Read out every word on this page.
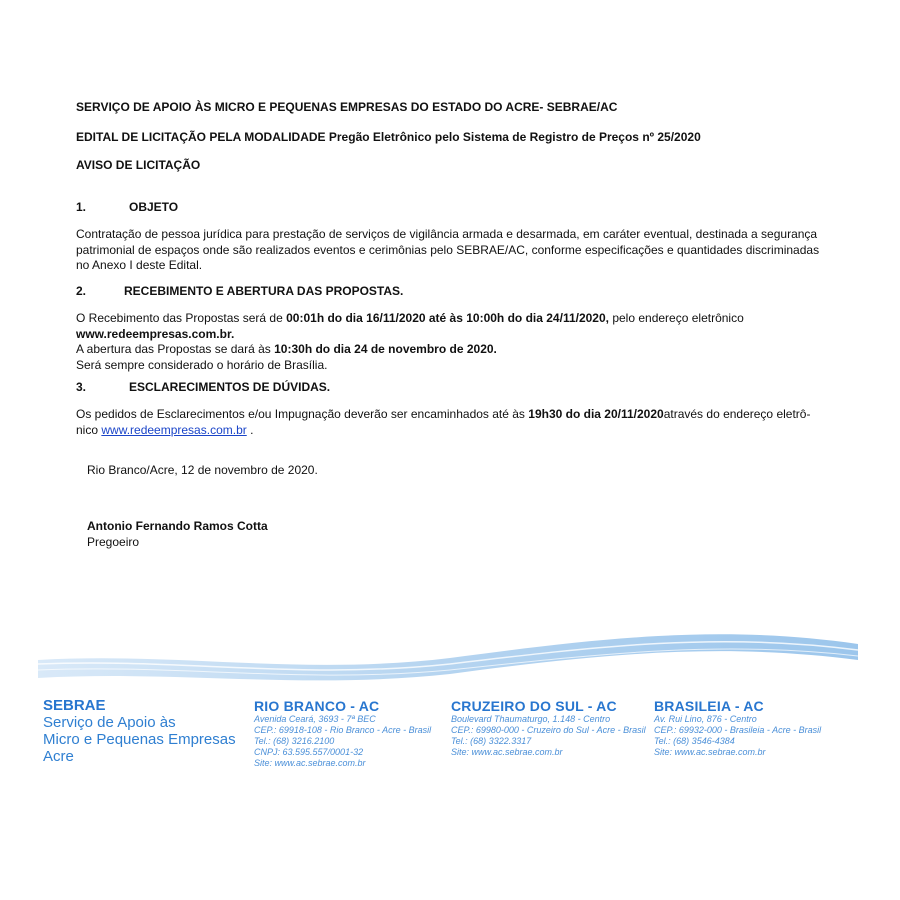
SERVIÇO DE APOIO ÀS MICRO E PEQUENAS EMPRESAS DO ESTADO DO ACRE- SEBRAE/AC
EDITAL DE LICITAÇÃO PELA MODALIDADE Pregão Eletrônico pelo Sistema de Registro de Preços nº 25/2020
AVISO DE LICITAÇÃO
1.	OBJETO
Contratação de pessoa jurídica para prestação de serviços de vigilância armada e desarmada, em caráter eventual, destinada a segurança
patrimonial de espaços onde são realizados eventos e cerimônias pelo SEBRAE/AC, conforme especificações e quantidades discriminadas
no Anexo I deste Edital.
2.	RECEBIMENTO E ABERTURA DAS PROPOSTAS.
O Recebimento das Propostas será de 00:01h do dia 16/11/2020 até às 10:00h do dia 24/11/2020, pelo endereço eletrônico
www.redeempresas.com.br.
A abertura das Propostas se dará às 10:30h do dia 24 de novembro de 2020.
Será sempre considerado o horário de Brasília.
3.	ESCLARECIMENTOS DE DÚVIDAS.
Os pedidos de Esclarecimentos e/ou Impugnação deverão ser encaminhados até às 19h30 do dia 20/11/2020através do endereço eletrô-
nico www.redeempresas.com.br .
Rio Branco/Acre, 12 de novembro de 2020.
Antonio Fernando Ramos Cotta
Pregoeiro
SEBRAE
Serviço de Apoio às
Micro e Pequenas Empresas
Acre
RIO BRANCO - AC
Avenida Ceará, 3693 - 7ª BEC
CEP.: 69918-108 - Rio Branco - Acre - Brasil
Tel.: (68) 3216.2100
CNPJ: 63.595.557/0001-32
Site: www.ac.sebrae.com.br
CRUZEIRO DO SUL - AC
Boulevard Thaumaturgo, 1.148 - Centro
CEP.: 69980-000 - Cruzeiro do Sul - Acre - Brasil
Tel.: (68) 3322.3317
Site: www.ac.sebrae.com.br
BRASILEIA - AC
Av. Rui Lino, 876 - Centro
CEP.: 69932-000 - Brasileia - Acre - Brasil
Tel.: (68) 3546-4384
Site: www.ac.sebrae.com.br
